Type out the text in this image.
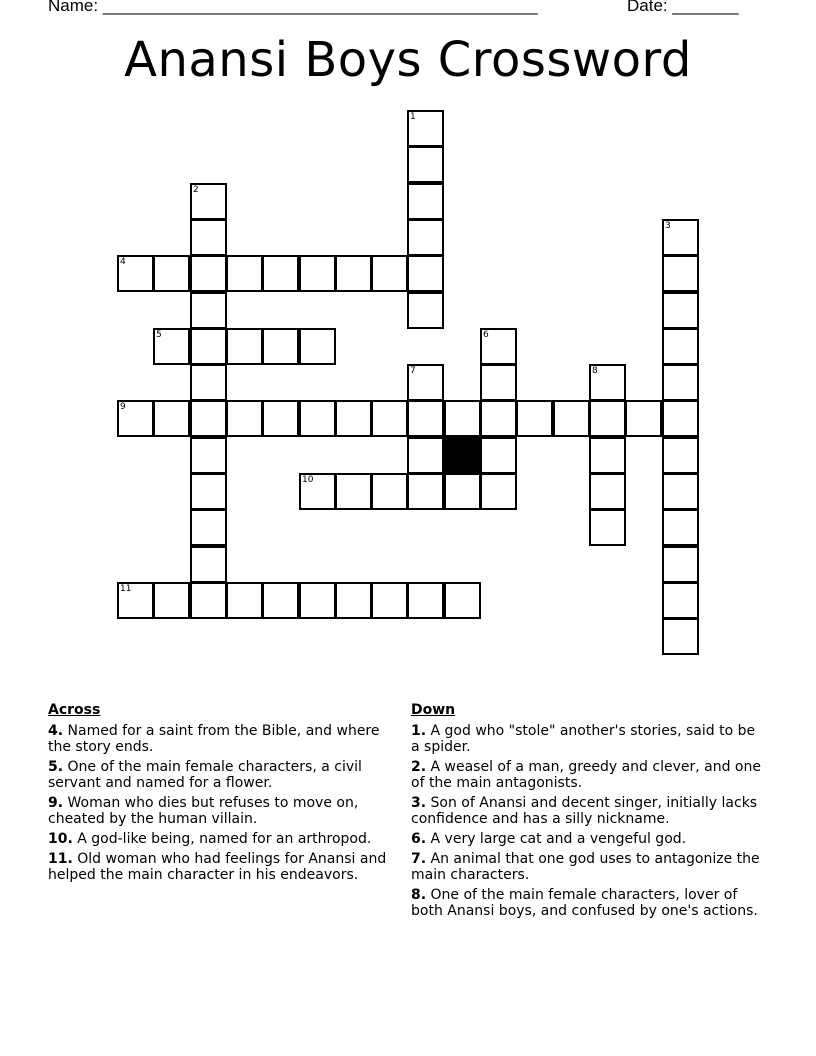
Name: ______________________________________________	Date: _______
Anansi Boys Crossword
1
2
3
4
5	6
7	8
9
10
11
Across
4. Named for a saint from the Bible, and where the story ends.
5. One of the main female characters, a civil servant and named for a flower.
9. Woman who dies but refuses to move on, cheated by the human villain.
10. A god-like being, named for an arthropod.
11. Old woman who had feelings for Anansi and helped the main character in his endeavors.
Down
1. A god who "stole" another's stories, said to be a spider.
2. A weasel of a man, greedy and clever, and one of the main antagonists.
3. Son of Anansi and decent singer, initially lacks confidence and has a silly nickname.
6. A very large cat and a vengeful god.
7. An animal that one god uses to antagonize the main characters.
8. One of the main female characters, lover of both Anansi boys, and confused by one's actions.
